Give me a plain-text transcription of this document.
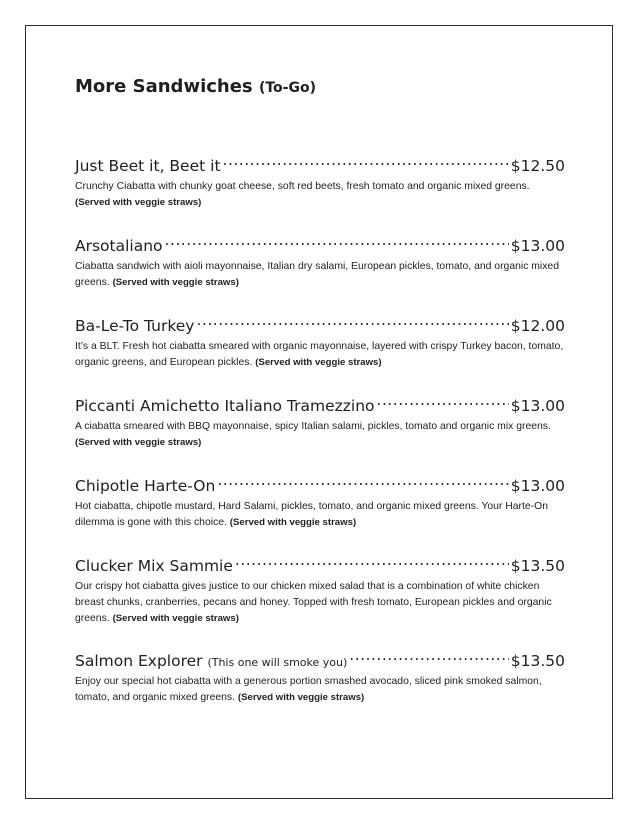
More Sandwiches (To-Go)
Just Beet it, Beet it .....	$12.50

Crunchy Ciabatta with chunky goat cheese, soft red beets, fresh tomato and organic mixed greens. (Served with veggie straws)

Arsotaliano .....	$13.00

Ciabatta sandwich with aioli mayonnaise, Italian dry salami, European pickles, tomato, and organic mixed greens. (Served with veggie straws)

Ba-Le-To Turkey .....	$12.00

It’s a BLT. Fresh hot ciabatta smeared with organic mayonnaise, layered with crispy Turkey bacon, tomato, organic greens, and European pickles. (Served with veggie straws)

Piccanti Amichetto Italiano Tramezzino .....	$13.00

A ciabatta smeared with BBQ mayonnaise, spicy Italian salami, pickles, tomato and organic mix greens. (Served with veggie straws)

Chipotle Harte-On .....	$13.00

Hot ciabatta, chipotle mustard, Hard Salami, pickles, tomato, and organic mixed greens. Your Harte-On dilemma is gone with this choice. (Served with veggie straws)

Clucker Mix Sammie .....	$13.50

Our crispy hot ciabatta gives justice to our chicken mixed salad that is a combination of white chicken breast chunks, cranberries, pecans and honey. Topped with fresh tomato, European pickles and organic greens. (Served with veggie straws)

Salmon Explorer (This one will smoke you) .....	$13.50

Enjoy our special hot ciabatta with a generous portion smashed avocado, sliced pink smoked salmon, tomato, and organic mixed greens. (Served with veggie straws)
